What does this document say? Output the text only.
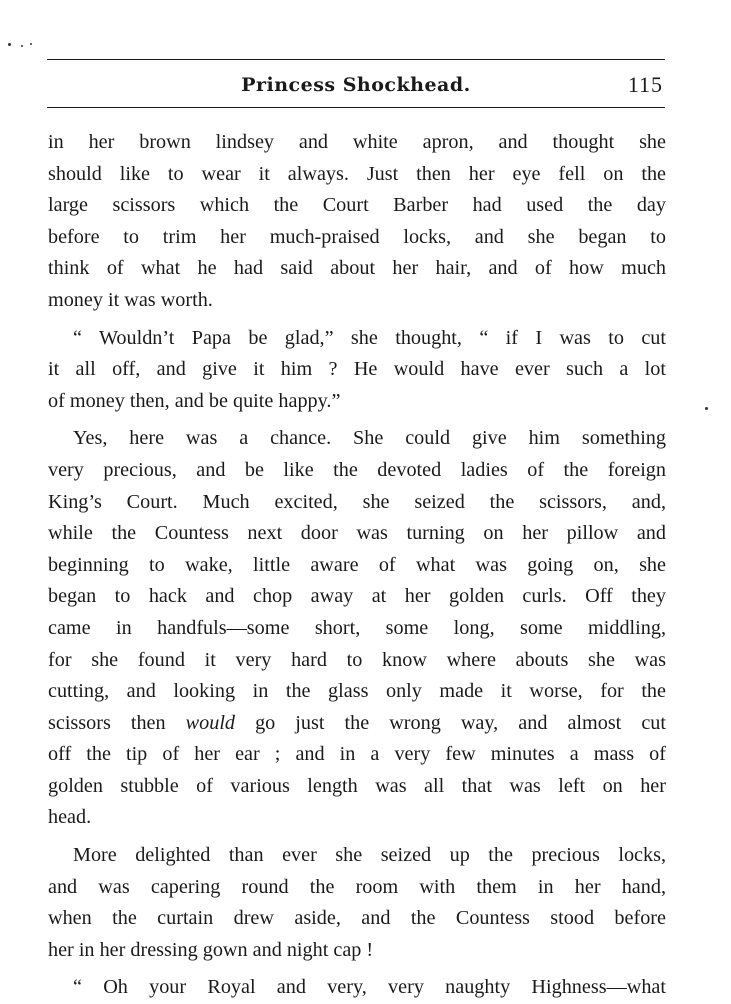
Princess Shockhead.	115
in her brown lindsey and white apron, and thought she
should like to wear it always. Just then her eye fell on the
large scissors which the Court Barber had used the day
before to trim her much-praised locks, and she began to
think of what he had said about her hair, and of how much
money it was worth.
“ Wouldn’t Papa be glad,” she thought, “ if I was to cut
it all off, and give it him ? He would have ever such a lot
of money then, and be quite happy.”
Yes, here was a chance. She could give him something
very precious, and be like the devoted ladies of the foreign
King’s Court. Much excited, she seized the scissors, and,
while the Countess next door was turning on her pillow and
beginning to wake, little aware of what was going on, she
began to hack and chop away at her golden curls. Off they
came in handfuls—some short, some long, some middling,
for she found it very hard to know where abouts she was
cutting, and looking in the glass only made it worse, for the
scissors then would go just the wrong way, and almost cut
off the tip of her ear ; and in a very few minutes a mass of
golden stubble of various length was all that was left on her
head.
More delighted than ever she seized up the precious locks,
and was capering round the room with them in her hand,
when the curtain drew aside, and the Countess stood before
her in her dressing gown and night cap !
“ Oh your Royal and very, very naughty Highness—what
